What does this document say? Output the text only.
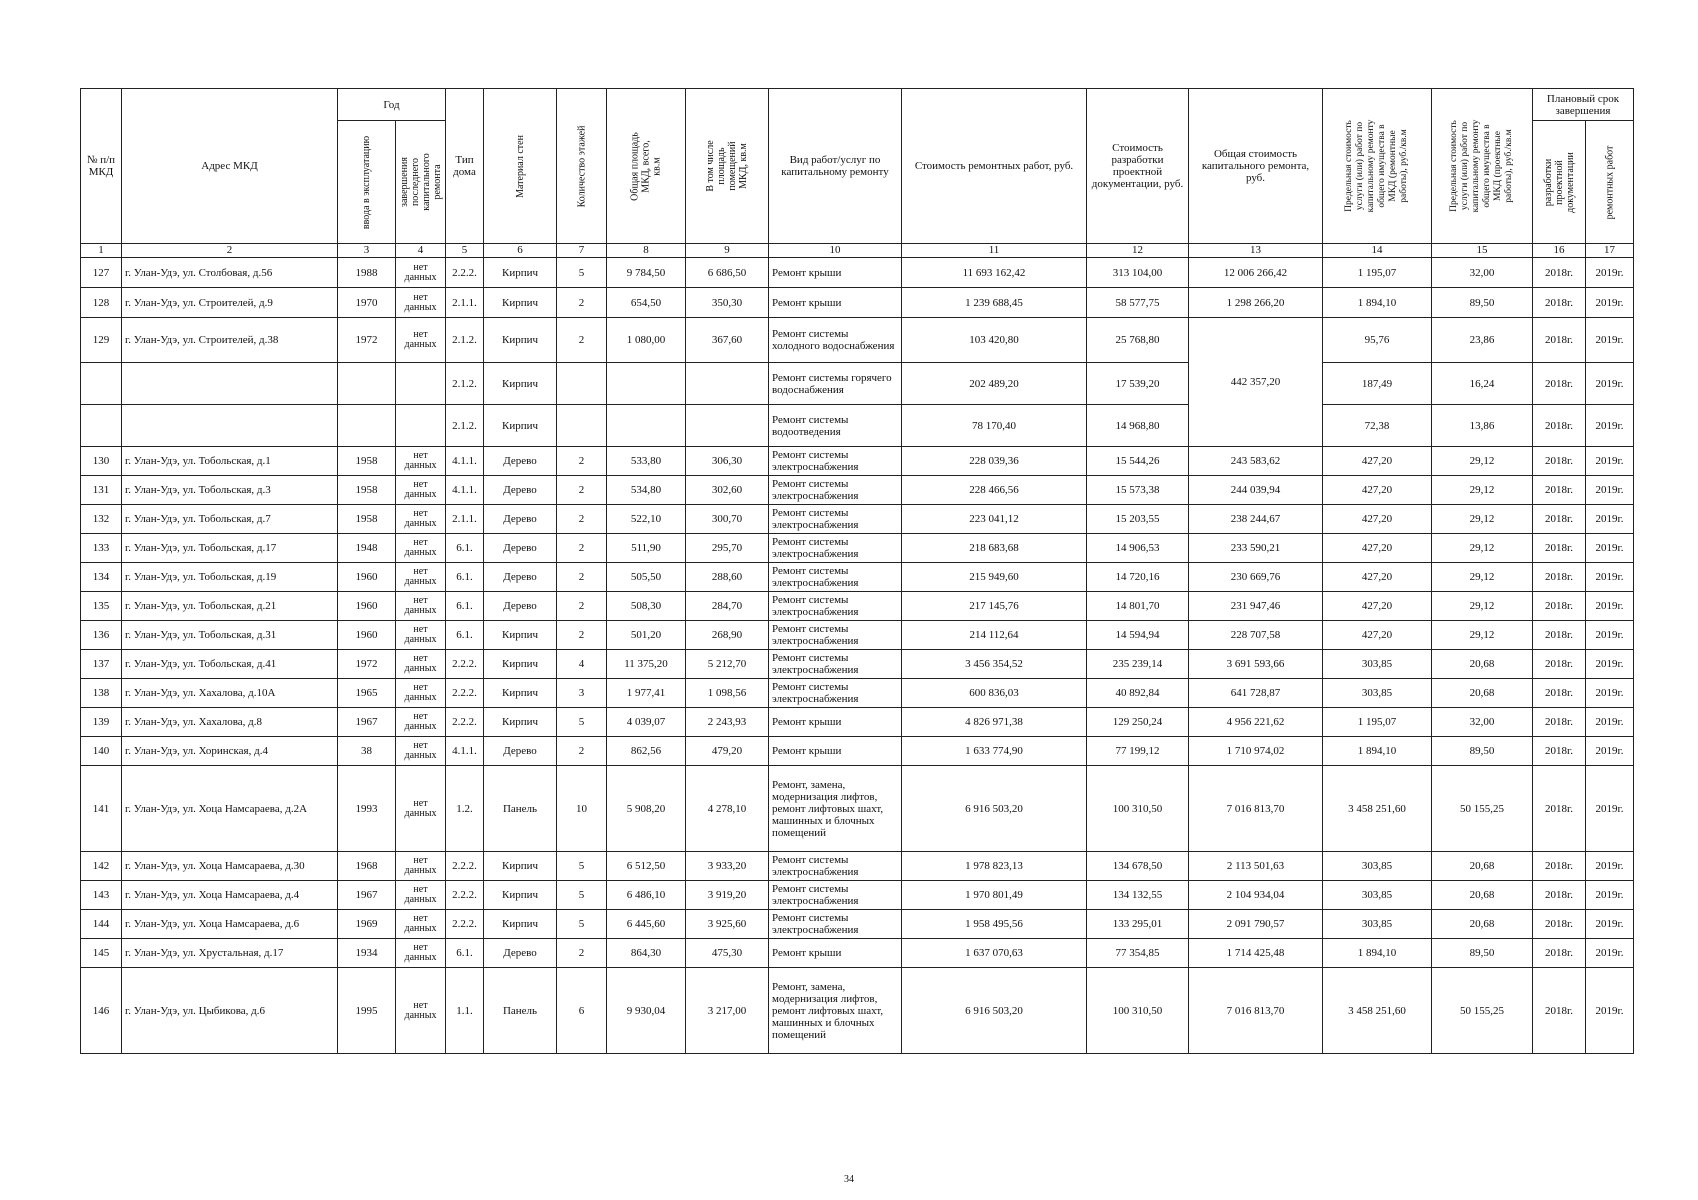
№ п/п МКД	Адрес МКД	Год		Тип дома	Материал стен	Количество этажей	Общая площадь МКД, всего, кв.м	В том числе площадь помещений МКД, кв.м	Вид работ/услуг по капитальному ремонту	Стоимость ремонтных работ, руб.	Стоимость разработки проектной документации, руб.	Общая стоимость капитального ремонта, руб.	Предельная стоимость услуги (или) работ по капитальному ремонту общего имущества в МКД (ремонтные работы), руб./кв.м	Предельная стоимость услуги (или) работ по капитальному ремонту общего имущества в МКД (проектные работы), руб./кв.м	Плановый срок завершения	

		ввода в эксплуатацию	завершения последнего капитального ремонта												разработки проектной документации	ремонтных работ

1	2	3	4	5	6	7	8	9	10	11	12	13	14	15	16	17
127	г. Улан-Удэ, ул. Столбовая, д.56	1988	нет данных	2.2.2.	Кирпич	5	9 784,50	6 686,50	Ремонт крыши	11 693 162,42	313 104,00	12 006 266,42	1 195,07	32,00	2018г.	2019г.
128	г. Улан-Удэ, ул. Строителей, д.9	1970	нет данных	2.1.1.	Кирпич	2	654,50	350,30	Ремонт крыши	1 239 688,45	58 577,75	1 298 266,20	1 894,10	89,50	2018г.	2019г.
129	г. Улан-Удэ, ул. Строителей, д.38	1972	нет данных	2.1.2.	Кирпич	2	1 080,00	367,60	Ремонт системы холодного водоснабжения	103 420,80	25 768,80	442 357,20	95,76	23,86	2018г.	2019г.
				2.1.2.	Кирпич				Ремонт системы горячего водоснабжения	202 489,20	17 539,20		187,49	16,24	2018г.	2019г.
				2.1.2.	Кирпич				Ремонт системы водоотведения	78 170,40	14 968,80		72,38	13,86	2018г.	2019г.
130	г. Улан-Удэ, ул. Тобольская, д.1	1958	нет данных	4.1.1.	Дерево	2	533,80	306,30	Ремонт системы электроснабжения	228 039,36	15 544,26	243 583,62	427,20	29,12	2018г.	2019г.
131	г. Улан-Удэ, ул. Тобольская, д.3	1958	нет данных	4.1.1.	Дерево	2	534,80	302,60	Ремонт системы электроснабжения	228 466,56	15 573,38	244 039,94	427,20	29,12	2018г.	2019г.
132	г. Улан-Удэ, ул. Тобольская, д.7	1958	нет данных	2.1.1.	Дерево	2	522,10	300,70	Ремонт системы электроснабжения	223 041,12	15 203,55	238 244,67	427,20	29,12	2018г.	2019г.
133	г. Улан-Удэ, ул. Тобольская, д.17	1948	нет данных	6.1.	Дерево	2	511,90	295,70	Ремонт системы электроснабжения	218 683,68	14 906,53	233 590,21	427,20	29,12	2018г.	2019г.
134	г. Улан-Удэ, ул. Тобольская, д.19	1960	нет данных	6.1.	Дерево	2	505,50	288,60	Ремонт системы электроснабжения	215 949,60	14 720,16	230 669,76	427,20	29,12	2018г.	2019г.
135	г. Улан-Удэ, ул. Тобольская, д.21	1960	нет данных	6.1.	Дерево	2	508,30	284,70	Ремонт системы электроснабжения	217 145,76	14 801,70	231 947,46	427,20	29,12	2018г.	2019г.
136	г. Улан-Удэ, ул. Тобольская, д.31	1960	нет данных	6.1.	Кирпич	2	501,20	268,90	Ремонт системы электроснабжения	214 112,64	14 594,94	228 707,58	427,20	29,12	2018г.	2019г.
137	г. Улан-Удэ, ул. Тобольская, д.41	1972	нет данных	2.2.2.	Кирпич	4	11 375,20	5 212,70	Ремонт системы электроснабжения	3 456 354,52	235 239,14	3 691 593,66	303,85	20,68	2018г.	2019г.
138	г. Улан-Удэ, ул. Хахалова, д.10А	1965	нет данных	2.2.2.	Кирпич	3	1 977,41	1 098,56	Ремонт системы электроснабжения	600 836,03	40 892,84	641 728,87	303,85	20,68	2018г.	2019г.
139	г. Улан-Удэ, ул. Хахалова, д.8	1967	нет данных	2.2.2.	Кирпич	5	4 039,07	2 243,93	Ремонт крыши	4 826 971,38	129 250,24	4 956 221,62	1 195,07	32,00	2018г.	2019г.
140	г. Улан-Удэ, ул. Хоринская, д.4	38	нет данных	4.1.1.	Дерево	2	862,56	479,20	Ремонт крыши	1 633 774,90	77 199,12	1 710 974,02	1 894,10	89,50	2018г.	2019г.
141	г. Улан-Удэ, ул. Хоца Намсараева, д.2А	1993	нет данных	1.2.	Панель	10	5 908,20	4 278,10	Ремонт, замена, модернизация лифтов, ремонт лифтовых шахт, машинных и блочных помещений	6 916 503,20	100 310,50	7 016 813,70	3 458 251,60	50 155,25	2018г.	2019г.
142	г. Улан-Удэ, ул. Хоца Намсараева, д.30	1968	нет данных	2.2.2.	Кирпич	5	6 512,50	3 933,20	Ремонт системы электроснабжения	1 978 823,13	134 678,50	2 113 501,63	303,85	20,68	2018г.	2019г.
143	г. Улан-Удэ, ул. Хоца Намсараева, д.4	1967	нет данных	2.2.2.	Кирпич	5	6 486,10	3 919,20	Ремонт системы электроснабжения	1 970 801,49	134 132,55	2 104 934,04	303,85	20,68	2018г.	2019г.
144	г. Улан-Удэ, ул. Хоца Намсараева, д.6	1969	нет данных	2.2.2.	Кирпич	5	6 445,60	3 925,60	Ремонт системы электроснабжения	1 958 495,56	133 295,01	2 091 790,57	303,85	20,68	2018г.	2019г.
145	г. Улан-Удэ, ул. Хрустальная, д.17	1934	нет данных	6.1.	Дерево	2	864,30	475,30	Ремонт крыши	1 637 070,63	77 354,85	1 714 425,48	1 894,10	89,50	2018г.	2019г.
146	г. Улан-Удэ, ул. Цыбикова, д.6	1995	нет данных	1.1.	Панель	6	9 930,04	3 217,00	Ремонт, замена, модернизация лифтов, ремонт лифтовых шахт, машинных и блочных помещений	6 916 503,20	100 310,50	7 016 813,70	3 458 251,60	50 155,25	2018г.	2019г.
34
